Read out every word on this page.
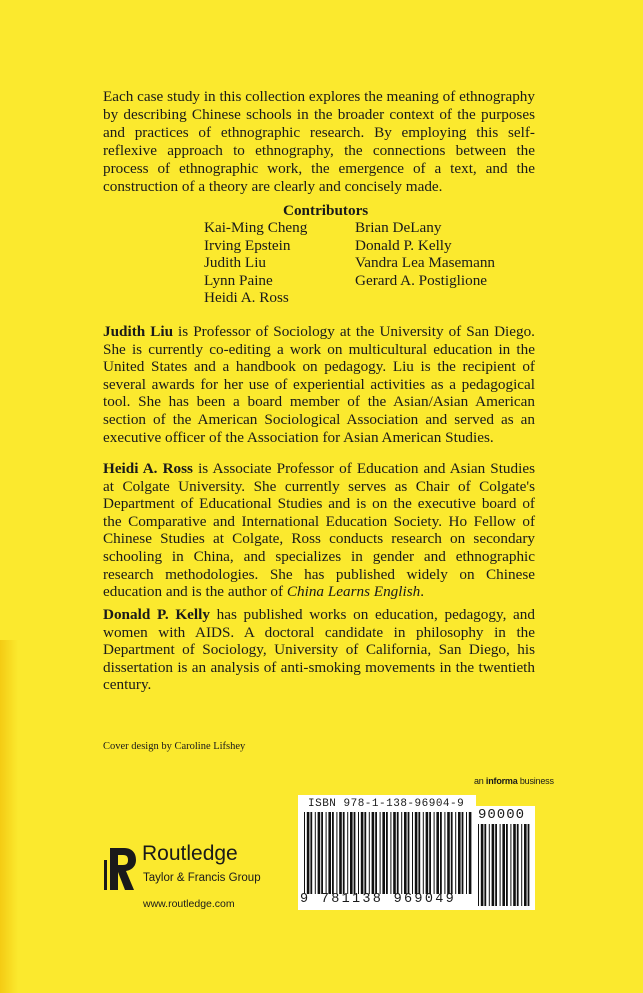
Each case study in this collection explores the meaning of ethnography by describing Chinese schools in the broader context of the purposes and practices of ethnographic research. By employing this self-reflexive approach to ethnography, the connections between the process of ethnographic work, the emergence of a text, and the construction of a theory are clearly and concisely made.
Contributors
Kai-Ming Cheng
Irving Epstein
Judith Liu
Lynn Paine
Heidi A. Ross
Brian DeLany
Donald P. Kelly
Vandra Lea Masemann
Gerard A. Postiglione
Judith Liu is Professor of Sociology at the University of San Diego. She is currently co-editing a work on multicultural education in the United States and a handbook on pedagogy. Liu is the recipient of several awards for her use of experiential activities as a pedagogical tool. She has been a board member of the Asian/Asian American section of the American Sociological Association and served as an executive officer of the Association for Asian American Studies.
Heidi A. Ross is Associate Professor of Education and Asian Studies at Colgate University. She currently serves as Chair of Colgate's Department of Educational Studies and is on the executive board of the Comparative and International Education Society. Ho Fellow of Chinese Studies at Colgate, Ross conducts research on secondary schooling in China, and specializes in gender and ethnographic research methodologies. She has published widely on Chinese education and is the author of China Learns English.
Donald P. Kelly has published works on education, pedagogy, and women with AIDS. A doctoral candidate in philosophy in the Department of Sociology, University of California, San Diego, his dissertation is an analysis of anti-smoking movements in the twentieth century.
Cover design by Caroline Lifshey
an informa business
ISBN 978-1-138-96904-9
9 781138 969049
90000
Routledge
Taylor & Francis Group
www.routledge.com
